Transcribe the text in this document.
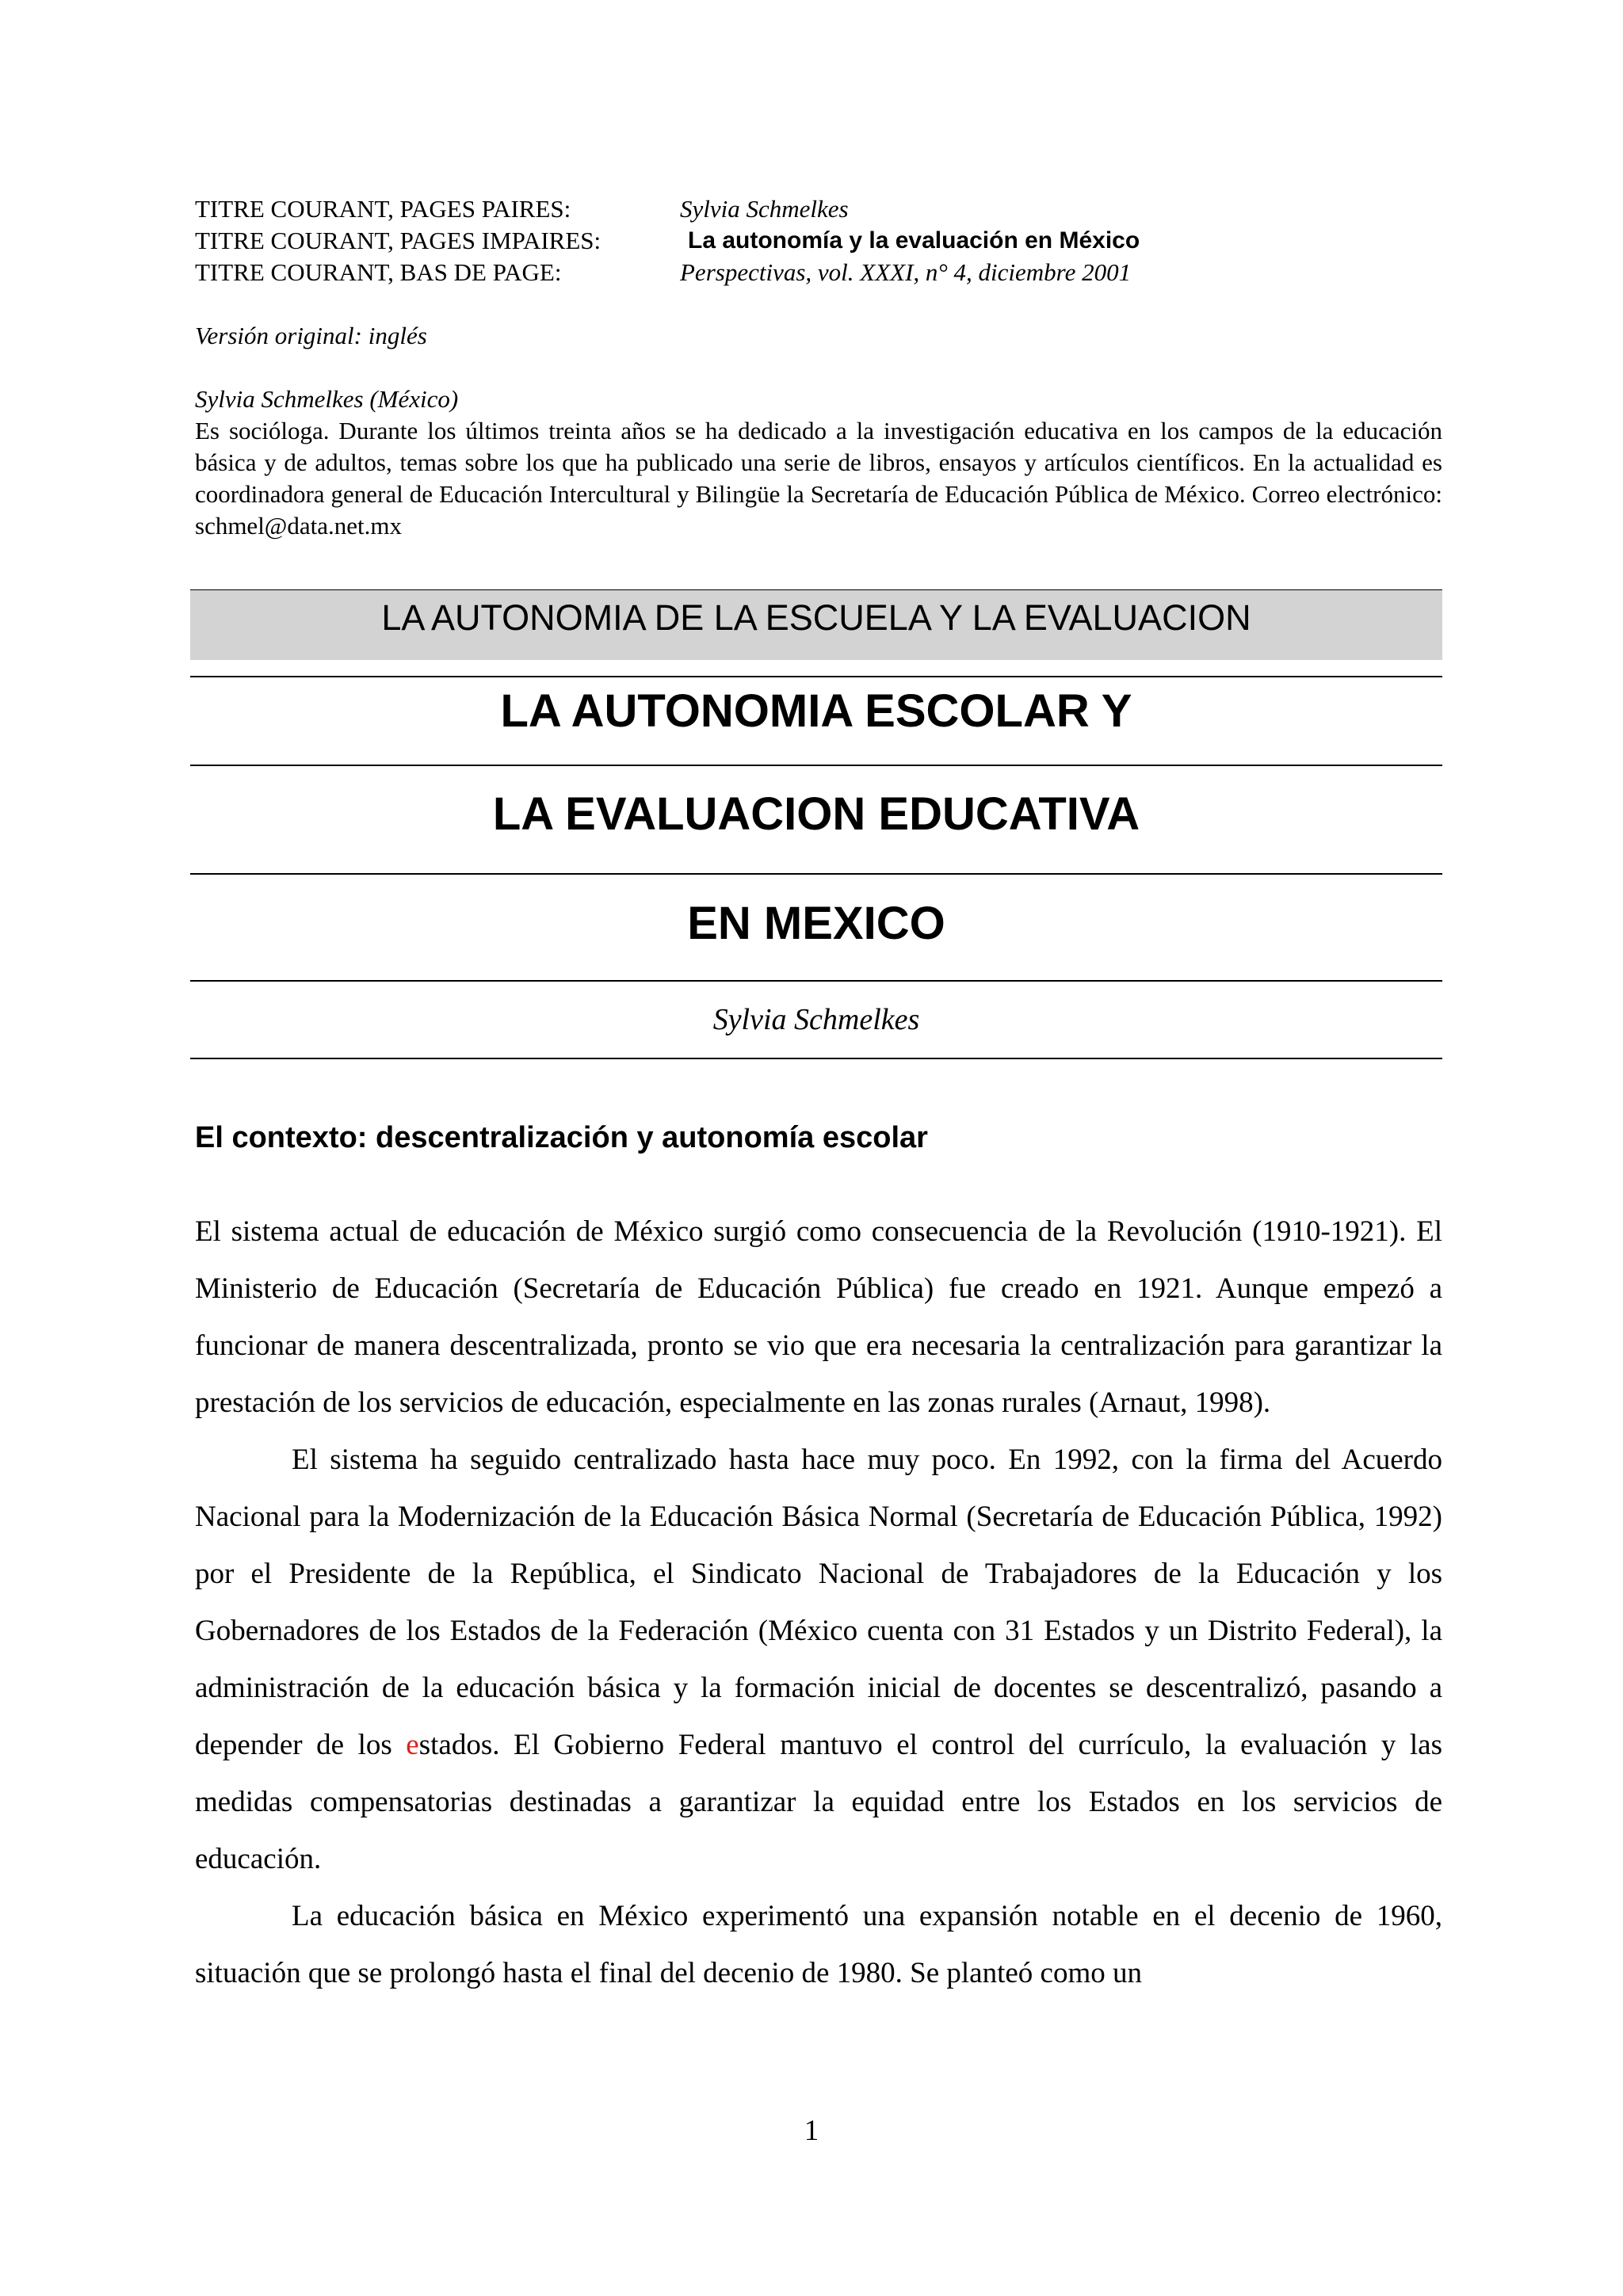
TITRE COURANT, PAGES PAIRES:	Sylvia Schmelkes
TITRE COURANT, PAGES IMPAIRES:	La autonomía y la evaluación en México
TITRE COURANT, BAS DE PAGE:	Perspectivas, vol. XXXI, n° 4, diciembre 2001
Versión original: inglés
Sylvia Schmelkes (México)
Es socióloga. Durante los últimos treinta años se ha dedicado a la investigación educativa en los campos de la educación básica y de adultos, temas sobre los que ha publicado una serie de libros, ensayos y artículos científicos. En la actualidad es coordinadora general de Educación Intercultural y Bilingüe la Secretaría de Educación Pública de México. Correo electrónico: schmel@data.net.mx
LA AUTONOMIA DE LA ESCUELA Y LA EVALUACION
LA AUTONOMIA ESCOLAR Y
LA EVALUACION EDUCATIVA
EN MEXICO
Sylvia Schmelkes
El contexto: descentralización y autonomía escolar

El sistema actual de educación de México surgió como consecuencia de la Revolución (1910-1921). El Ministerio de Educación (Secretaría de Educación Pública) fue creado en 1921. Aunque empezó a funcionar de manera descentralizada, pronto se vio que era necesaria la centralización para garantizar la prestación de los servicios de educación, especialmente en las zonas rurales (Arnaut, 1998).

El sistema ha seguido centralizado hasta hace muy poco. En 1992, con la firma del Acuerdo Nacional para la Modernización de la Educación Básica Normal (Secretaría de Educación Pública, 1992) por el Presidente de la República, el Sindicato Nacional de Trabajadores de la Educación y los Gobernadores de los Estados de la Federación (México cuenta con 31 Estados y un Distrito Federal), la administración de la educación básica y la formación inicial de docentes se descentralizó, pasando a depender de los estados. El Gobierno Federal mantuvo el control del currículo, la evaluación y las medidas compensatorias destinadas a garantizar la equidad entre los Estados en los servicios de educación.

La educación básica en México experimentó una expansión notable en el decenio de 1960, situación que se prolongó hasta el final del decenio de 1980. Se planteó como un

1
